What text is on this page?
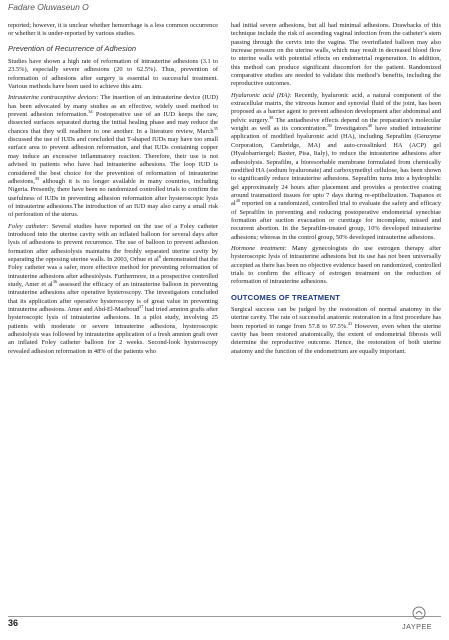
Fadare Oluwaseun O

reported; however, it is unclear whether hemorrhage is a less common occurrence or whether it is under-reported by various studies.

Prevention of Recurrence of Adhesion

Studies have shown a high rate of reformation of intrauterine adhesions (3.1 to 23.5%), especially severe adhesions (20 to 62.5%). Thus, prevention of reformation of adhesions after surgery is essential to successful treatment. Various methods have been used to achieve this aim.

Intrauterine contraceptive devices: The insertion of an intrauterine device (IUD) has been advocated by many studies as an effective, widely used method to prevent adhesion reformation.$^{34}$ Postoperative use of an IUD keeps the raw, dissected surfaces separated during the initial healing phase and may reduce the chances that they will readhere to one another. In a literature review, March$^{35}$ discussed the use of IUDs and concluded that T-shaped IUDs may have too small surface area to prevent adhesion reformation, and that IUDs containing copper may induce an excessive inflammatory reaction. Therefore, their use is not advised in patients who have had intrauterine adhesions. The loop IUD is considered the best choice for the prevention of reformation of intrauterine adhesions,$^{35}$ although it is no longer available in many countries, including Nigeria. Presently, there have been no randomized controlled trials to confirm the usefulness of IUDs in preventing adhesion reformation after hysteroscopic lysis of intrauterine adhesions.The introduction of an IUD may also carry a small risk of perforation of the uterus.

Foley catheter: Several studies have reported on the use of a Foley catheter introduced into the uterine cavity with an inflated balloon for several days after lysis of adhesions to prevent recurrence. The use of balloon to prevent adhesion formation after adhesiolysis maintains the freshly separated uterine cavity by separating the opposing uterine walls. In 2003, Orhue et $al^6$ demonstrated that the Foley catheter was a safer, more effective method for preventing reformation of intrauterine adhesions after adhesiolysis. Furthermore, in a prospective controlled study, Amer et $al^{36}$ assessed the efficacy of an intrauterine balloon in preventing intrauterine adhesions after operative hysteroscopy. The investigators concluded that its application after operative hysteroscopy is of great value in preventing intrauterine adhesions. Amer and Abd-El-Maeboud$^{37}$ had tried amnion grafts after hysteroscopic lysis of intrauterine adhesions. In a pilot study, involving 25 patients with moderate or severe intrauterine adhesions, hysteroscopic adhesiolysis was followed by intrauterine application of a fresh amnion graft over an inflated Foley catheter balloon for 2 weeks. Second-look hysteroscopy revealed adhesion reformation in 48% of the patients who

had initial severe adhesions, but all had minimal adhesions. Drawbacks of this technique include the risk of ascending vaginal infection from the catheter’s stem passing through the cervix into the vagina. The overinflated balloon may also increase pressure on the uterine walls, which may result in decreased blood flow to uterine walls with potential effects on endometrial regeneration. In addition, this method can produce significant discomfort for the patient. Randomized comparative studies are needed to validate this method’s benefits, including the reproductive outcomes.

Hyaluronic acid (HA): Recently, hyaluronic acid, a natural component of the extracellular matrix, the vitreous humor and synovial fluid of the joint, has been proposed as a barrier agent to prevent adhesion development after abdominal and pelvic surgery.$^{38}$ The antiadhesive effects depend on the preparation’s molecular weight as well as its concentration.$^{39}$ Investigators$^{40}$ have studied intrauterine application of modified hyaluronic acid (HA), including Seprafilm (Genzyme Corporation, Cambridge, MA) and auto-crosslinked HA (ACP) gel (Hyalobarriergel; Baxter, Pisa, Italy), to reduce the intrauterine adhesions after adhesiolysis. Seprafilm, a bioresorbable membrane formulated from chemically modified HA (sodium hyaluronate) and carboxymethyl cellulose, has been shown to significantly reduce intrauterine adhesions. Seprafilm turns into a hydrophilic gel approximately 24 hours after placement and provides a protective coating around traumatized tissues for upto 7 days during re-epithelization. Tsapanos et $al^{40}$ reported on a randomized, controlled trial to evaluate the safety and efficacy of Seprafilm in preventing and reducing postoperative endometrial synechiae formation after suction evacuation or curettage for incomplete, missed and recurrent abortion. In the Seprafilm-treated group, 10% developed intrauterine adhesions; whereas in the control group, 50% developed intrauterine adhesions.

Hormone treatment: Many gynecologists do use estrogen therapy after hysteroscopic lysis of intrauterine adhesions but its use has not been universally accepted as there has been no objective evidence based on randomized, controlled trials to confirm the efficacy of estrogen treatment on the reduction of reformation of intrauterine adhesions.

OUTCOMES OF TREATMENT

Surgical success can be judged by the restoration of normal anatomy in the uterine cavity. The rate of successful anatomic restoration in a first procedure has been reported to range from 57.8 to 97.5%.$^{41}$ However, even when the uterine cavity has been restored anatomically, the extent of endometrial fibrosis will determine the reproductive outcome. Hence, the restoration of both uterine anatomy and the function of the endometrium are equally important.

36	JAYPEE
